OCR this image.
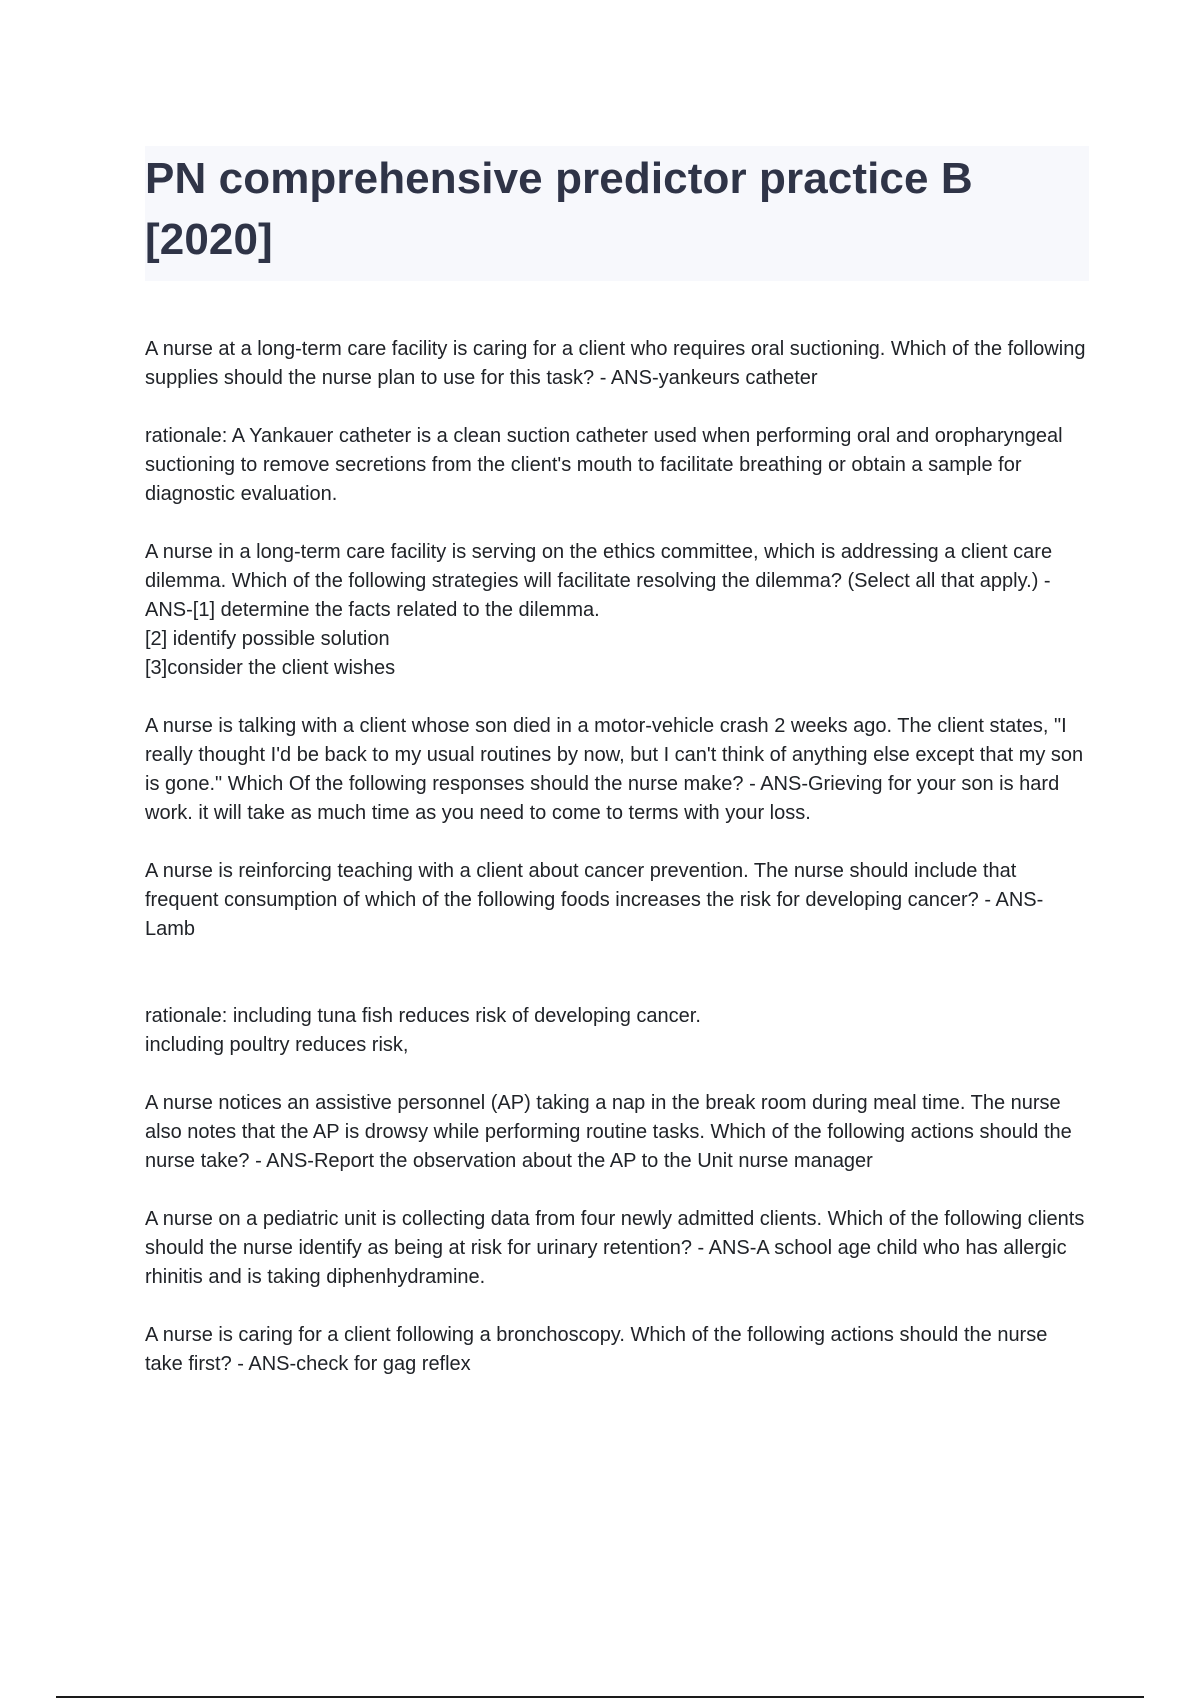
PN comprehensive predictor practice B [2020]

A nurse at a long-term care facility is caring for a client who requires oral suctioning. Which of the following supplies should the nurse plan to use for this task? - ANS-yankeurs catheter

rationale: A Yankauer catheter is a clean suction catheter used when performing oral and oropharyngeal suctioning to remove secretions from the client's mouth to facilitate breathing or obtain a sample for diagnostic evaluation.

A nurse in a long-term care facility is serving on the ethics committee, which is addressing a client care dilemma. Which of the following strategies will facilitate resolving the dilemma? (Select all that apply.) - ANS-[1] determine the facts related to the dilemma.
[2] identify possible solution
[3]consider the client wishes

A nurse is talking with a client whose son died in a motor-vehicle crash 2 weeks ago. The client states, "I really thought I'd be back to my usual routines by now, but I can't think of anything else except that my son is gone." Which Of the following responses should the nurse make? - ANS-Grieving for your son is hard work. it will take as much time as you need to come to terms with your loss.

A nurse is reinforcing teaching with a client about cancer prevention. The nurse should include that frequent consumption of which of the following foods increases the risk for developing cancer? - ANS-Lamb

rationale: including tuna fish reduces risk of developing cancer.
including poultry reduces risk,

A nurse notices an assistive personnel (AP) taking a nap in the break room during meal time. The nurse also notes that the AP is drowsy while performing routine tasks. Which of the following actions should the nurse take? - ANS-Report the observation about the AP to the Unit nurse manager

A nurse on a pediatric unit is collecting data from four newly admitted clients. Which of the following clients should the nurse identify as being at risk for urinary retention? - ANS-A school age child who has allergic rhinitis and is taking diphenhydramine.

A nurse is caring for a client following a bronchoscopy. Which of the following actions should the nurse take first? - ANS-check for gag reflex
